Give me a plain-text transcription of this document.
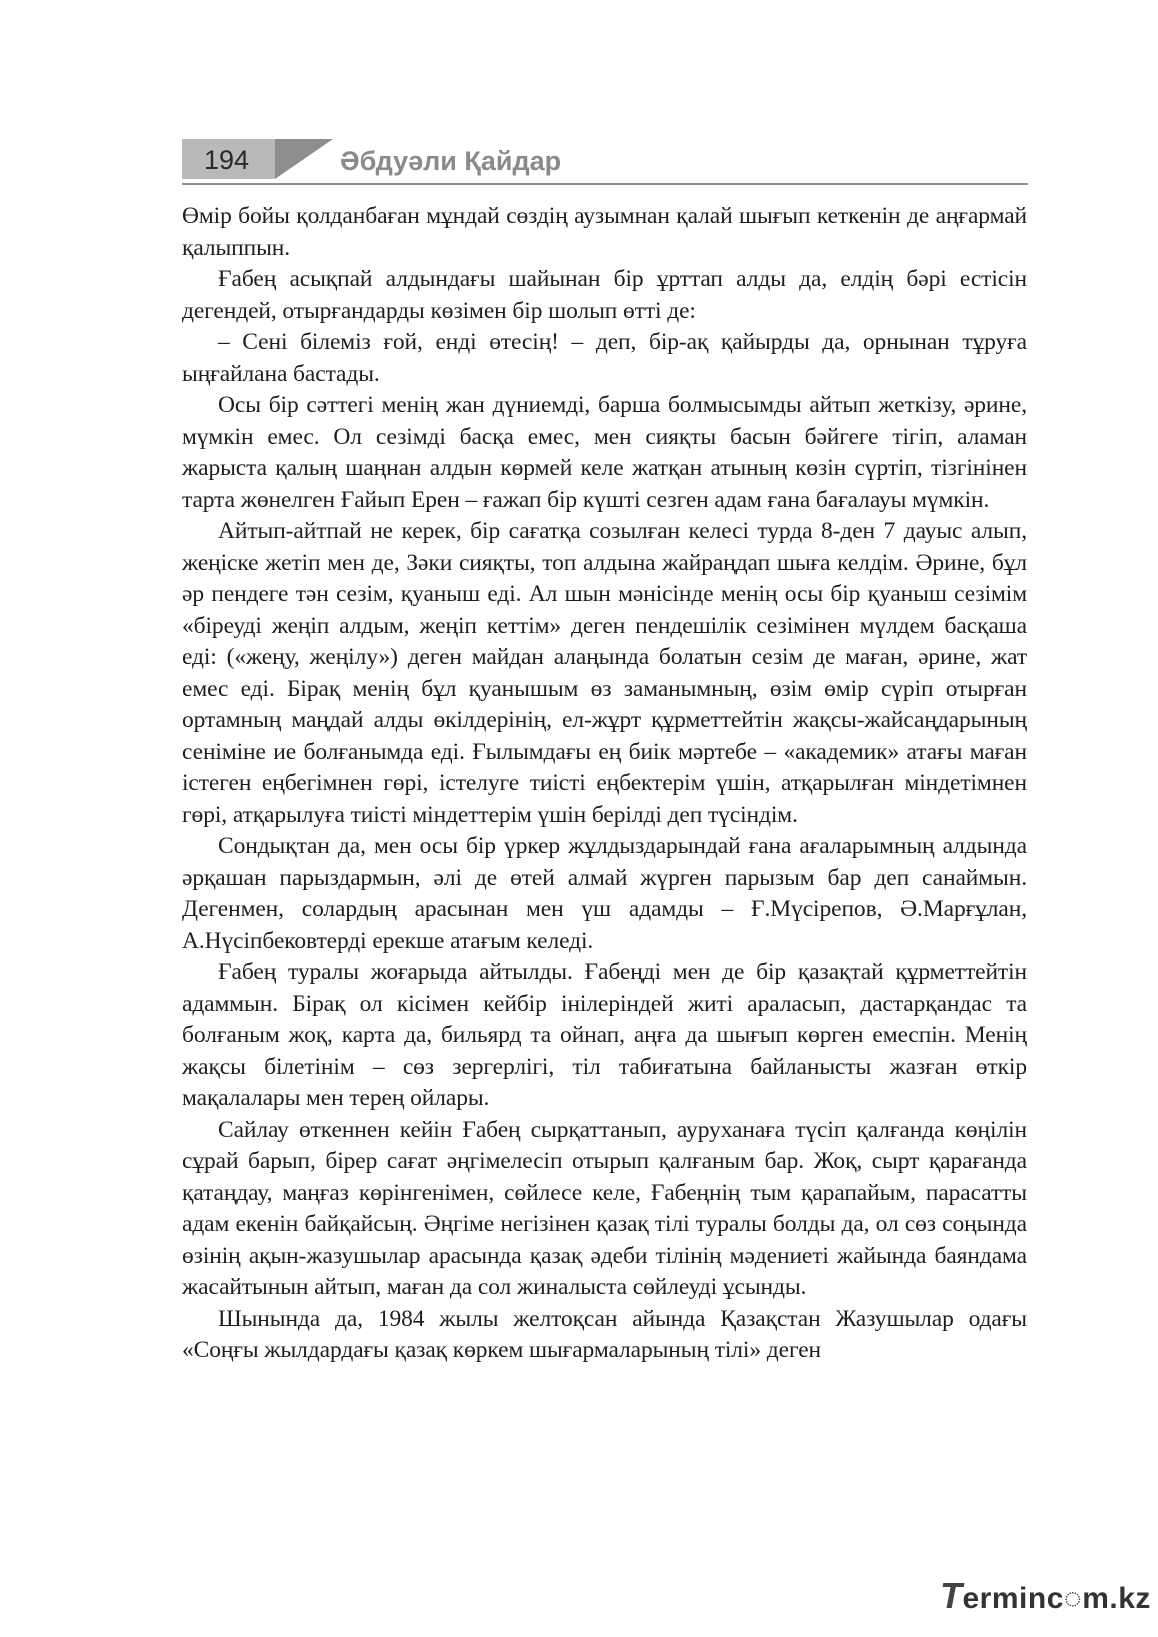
194	Әбдуәли Қайдар

Өмір бойы қолданбаған мұндай сөздің аузымнан қалай шығып кеткенін де аңғармай қалыппын.

Ғабең асықпай алдындағы шайынан бір ұрттап алды да, елдің бәрі естісін дегендей, отырғандарды көзімен бір шолып өтті де:

– Сені білеміз ғой, енді өтесің! – деп, бір-ақ қайырды да, орнынан тұруға ыңғайлана бастады.

Осы бір сәттегі менің жан дүниемді, барша болмысымды айтып жеткізу, әрине, мүмкін емес. Ол сезімді басқа емес, мен сияқты басын бәйгеге тігіп, аламан жарыста қалың шаңнан алдын көрмей келе жатқан атының көзін сүртіп, тізгінінен тарта жөнелген Ғайып Ерен – ғажап бір күшті сезген адам ғана бағалауы мүмкін.

Айтып-айтпай не керек, бір сағатқа созылған келесі турда 8-ден 7 дауыс алып, жеңіске жетіп мен де, Зәки сияқты, топ алдына жайраңдап шыға келдім. Әрине, бұл әр пендеге тән сезім, қуаныш еді. Ал шын мәнісінде менің осы бір қуаныш сезімім «біреуді жеңіп алдым, жеңіп кеттім» деген пендешілік сезімінен мүлдем басқаша еді: («жеңу, жеңілу») деген майдан алаңында болатын сезім де маған, әрине, жат емес еді. Бірақ менің бұл қуанышым өз заманымның, өзім өмір сүріп отырған ортамның маңдай алды өкілдерінің, ел-жұрт құрметтейтін жақсы-жайсаңдарының сеніміне ие болғанымда еді. Ғылымдағы ең биік мәртебе – «академик» атағы маған істеген еңбегімнен гөрі, істелуге тиісті еңбектерім үшін, атқарылған міндетімнен гөрі, атқарылуға тиісті міндеттерім үшін берілді деп түсіндім.

Сондықтан да, мен осы бір үркер жұлдыздарындай ғана ағаларымның алдында әрқашан парыздармын, әлі де өтей алмай жүрген парызым бар деп санаймын. Дегенмен, солардың арасынан мен үш адамды – Ғ.Мүсірепов, Ә.Марғұлан, А.Нүсіпбековтерді ерекше атағым келеді.

Ғабең туралы жоғарыда айтылды. Ғабеңді мен де бір қазақтай құрметтейтін адаммын. Бірақ ол кісімен кейбір інілеріндей житі араласып, дастарқандас та болғаным жоқ, карта да, бильярд та ойнап, аңға да шығып көрген емеспін. Менің жақсы білетінім – сөз зергерлігі, тіл табиғатына байланысты жазған өткір мақалалары мен терең ойлары.

Сайлау өткеннен кейін Ғабең сырқаттанып, ауруханаға түсіп қалғанда көңілін сұрай барып, бірер сағат әңгімелесіп отырып қалғаным бар. Жоқ, сырт қарағанда қатаңдау, маңғаз көрінгенімен, сөйлесе келе, Ғабеңнің тым қарапайым, парасатты адам екенін байқайсың. Әңгіме негізінен қазақ тілі туралы болды да, ол сөз соңында өзінің ақын-жазушылар арасында қазақ әдеби тілінің мәдениеті жайында баяндама жасайтынын айтып, маған да сол жиналыста сөйлеуді ұсынды.

Шынында да, 1984 жылы желтоқсан айында Қазақстан Жазушылар одағы «Соңғы жылдардағы қазақ көркем шығармаларының тілі» деген

Terminc◌m.kz
